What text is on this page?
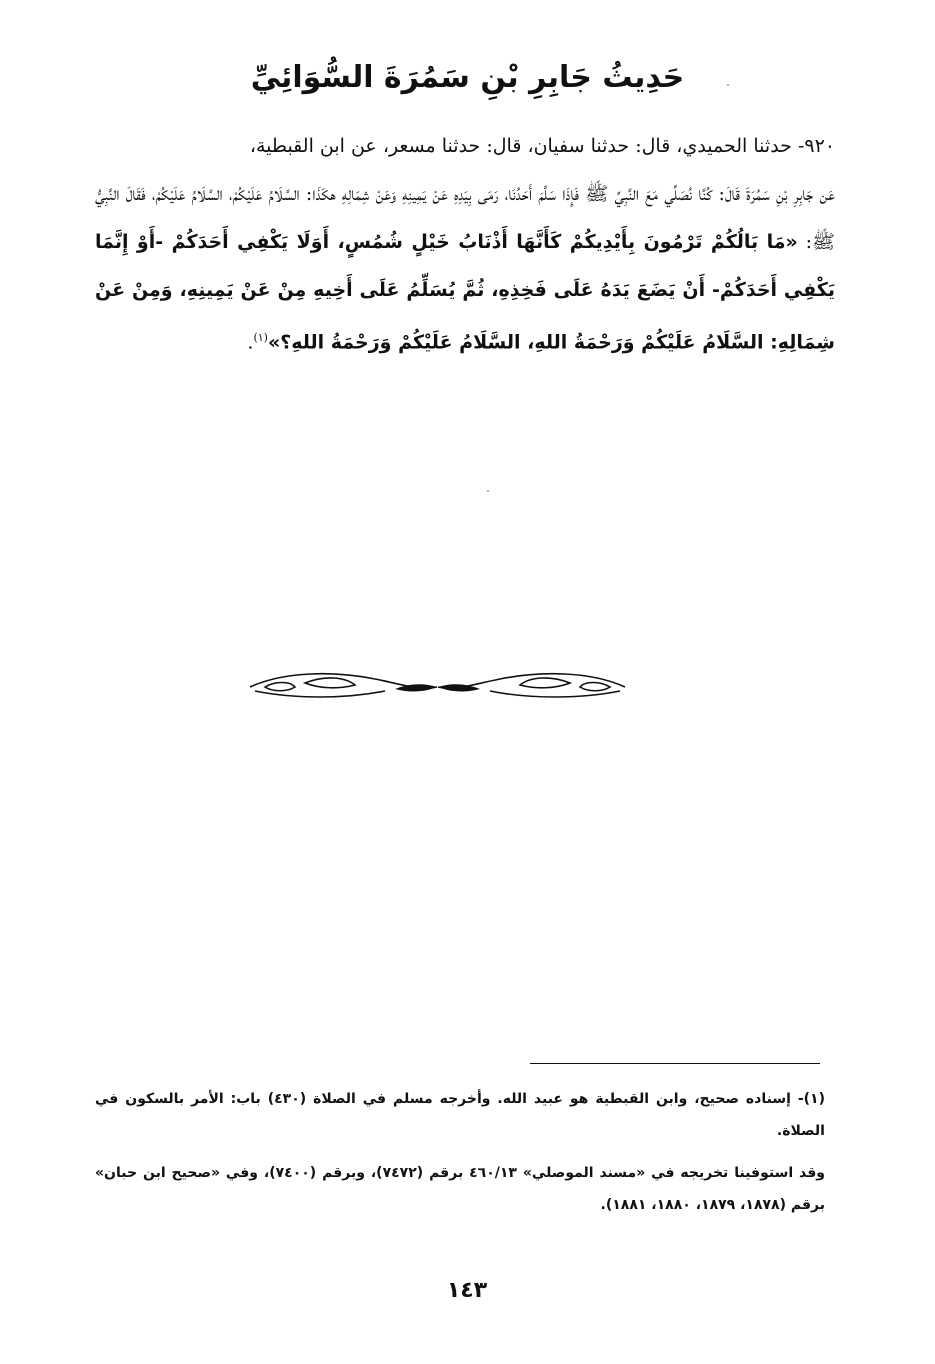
حَدِيثُ جَابِرِ بْنِ سَمُرَةَ السُّوَائِيِّ

٩٢٠- حدثنا الحميدي، قال: حدثنا سفيان، قال: حدثنا مسعر، عن ابن القبطية،

عَن جَابِرِ بْنِ سَمُرَةَ قَالَ: كُنَّا نُصَلِّي مَعَ النَّبِيِّ ﷺ فَإِذَا سَلَّمَ أَحَدُنَا، رَمَى بِيَدِهِ عَنْ يَمِينِهِ وَعَنْ شِمَالِهِ هكَذَا: السَّلَامُ عَلَيْكُمْ، السَّلَامُ عَلَيْكُمْ، فَقَالَ النَّبِيُّ ﷺ: «مَا بَالُكُمْ تَرْمُونَ بِأَيْدِيكُمْ كَأَنَّهَا أَذْنَابُ خَيْلٍ شُمُسٍ، أَوَلَا يَكْفِي أَحَدَكُمْ -أَوْ إِنَّمَا يَكْفِي أَحَدَكُمْ- أَنْ يَضَعَ يَدَهُ عَلَى فَخِذِهِ، ثُمَّ يُسَلِّمُ عَلَى أَخِيهِ مِنْ عَنْ يَمِينِهِ، وَمِنْ عَنْ شِمَالِهِ: السَّلَامُ عَلَيْكُمْ وَرَحْمَةُ اللهِ، السَّلَامُ عَلَيْكُمْ وَرَحْمَةُ اللهِ؟»$^{(١)}$.

(١)- إسناده صحيح، وابن القبطية هو عبيد الله. وأخرجه مسلم في الصلاة (٤٣٠) باب: الأمر بالسكون في الصلاة.

وقد استوفينا تخريجه في «مسند الموصلي» ٤٦٠/١٣ برقم (٧٤٧٢)، وبرقم (٧٤٠٠)، وفي «صحيح ابن حبان» برقم (١٨٧٨، ١٨٧٩، ١٨٨٠، ١٨٨١).

١٤٣
